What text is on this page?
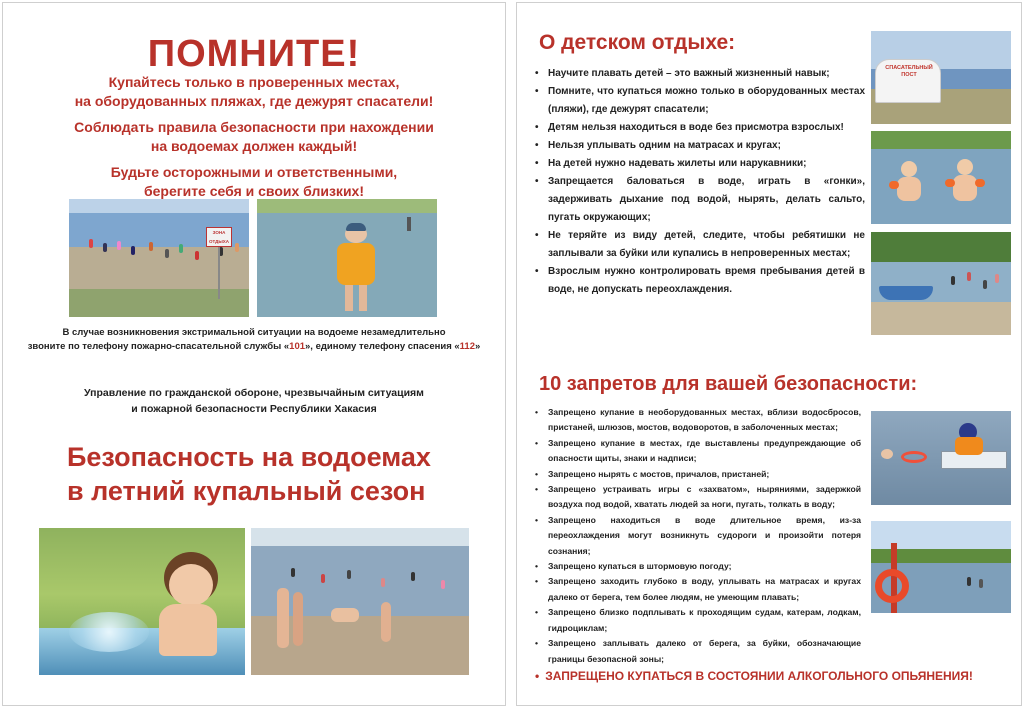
ПОМНИТЕ!
Купайтесь только в проверенных местах,
на оборудованных пляжах, где дежурят спасатели!
Соблюдать правила безопасности при нахождении
на водоемах должен каждый!
Будьте осторожными и ответственными,
берегите себя и своих близких!
ЗОНА ОТДЫХА
В случае возникновения экстримальной ситуации на водоеме незамедлительно
звоните по телефону пожарно-спасательной службы «101», единому телефону спасения «112»
Управление по гражданской обороне, чрезвычайным ситуациям
и пожарной безопасности Республики Хакасия
Безопасность на водоемах
в летний купальный сезон
О детском отдыхе:
• Научите плавать детей – это важный жизненный навык;
• Помните, что купаться можно только в оборудованных местах (пляжи), где дежурят спасатели;
• Детям нельзя находиться в воде без присмотра взрослых!
• Нельзя уплывать одним на матрасах и кругах;
• На детей нужно надевать жилеты или нарукавники;
• Запрещается баловаться в воде, играть в «гонки», задерживать дыхание под водой, нырять, делать сальто, пугать окружающих;
• Не теряйте из виду детей, следите, чтобы ребятишки не заплывали за буйки или купались в непроверенных местах;
• Взрослым нужно контролировать время пребывания детей в воде, не допускать переохлаждения.
СПАСАТЕЛЬНЫЙ ПОСТ
10 запретов для вашей безопасности:
• Запрещено купание в необорудованных местах, вблизи водосбросов, пристаней, шлюзов, мостов, водоворотов, в заболоченных местах;
• Запрещено купание в местах, где выставлены предупреждающие об опасности щиты, знаки и надписи;
• Запрещено нырять с мостов, причалов, пристаней;
• Запрещено устраивать игры с «захватом», ныряниями, задержкой воздуха под водой, хватать людей за ноги, пугать, толкать в воду;
• Запрещено находиться в воде длительное время, из-за переохлаждения могут возникнуть судороги и произойти потеря сознания;
• Запрещено купаться в штормовую погоду;
• Запрещено заходить глубоко в воду, уплывать на матрасах и кругах далеко от берега, тем более людям, не умеющим плавать;
• Запрещено близко подплывать к проходящим судам, катерам, лодкам, гидроциклам;
• Запрещено заплывать далеко от берега, за буйки, обозначающие границы безопасной зоны;
• ЗАПРЕЩЕНО КУПАТЬСЯ В СОСТОЯНИИ АЛКОГОЛЬНОГО ОПЬЯНЕНИЯ!
